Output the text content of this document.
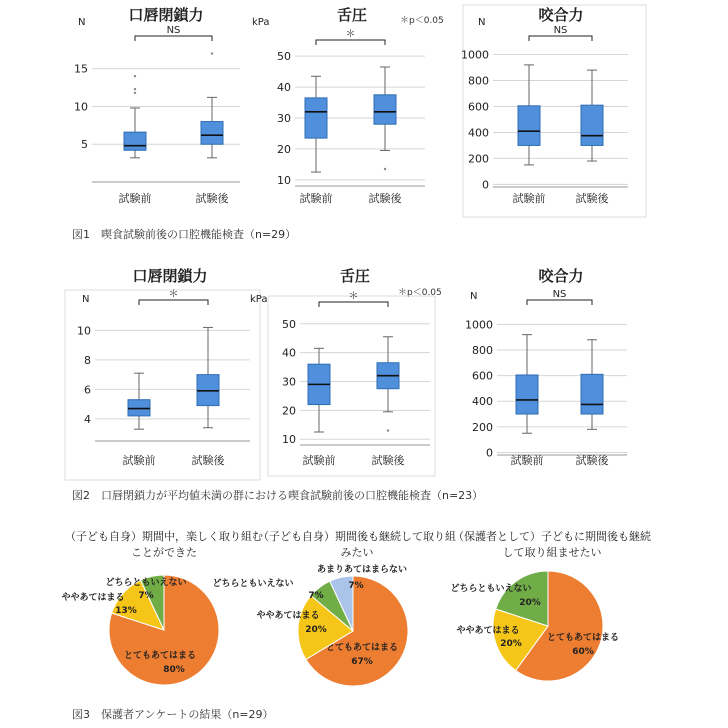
図1　喫食試験前後の口腔機能検査（n=29）
図2　口唇閉鎖力が平均値未満の群における喫食試験前後の口腔機能検査（n=23）
図3　保護者アンケートの結果（n=29）
＊p＜0.05
＊p＜0.05
5
10
15
口唇閉鎖力
N
NS
試験前	試験後
10
20
30
40
50
舌圧
kPa
＊
試験前	試験後
0
200
400
600
800
1000
咬合力
N
NS
試験前	試験後
4
6
8
10
口唇閉鎖力
N	＊
試験前	試験後
10
20
30
40
50
舌圧
kPa	＊
試験前	試験後
0
200
400
600
800
1000
咬合力
N	NS
試験前	試験後
（子ども自身）期間中，楽しく取り組む
ことができた
とてもあてはまる
80%
ややあてはまる
13%
どちらともいえない
7%
（子ども自身）期間後も継続して取り組
みたい
とてもあてはまる
67%
ややあてはまる
20%
どちらともいえない
7%
あまりあてはまらない
7%
（保護者として）子どもに期間後も継続
して取り組ませたい
とてもあてはまる
60%
ややあてはまる
20%
どちらともいえない
20%
